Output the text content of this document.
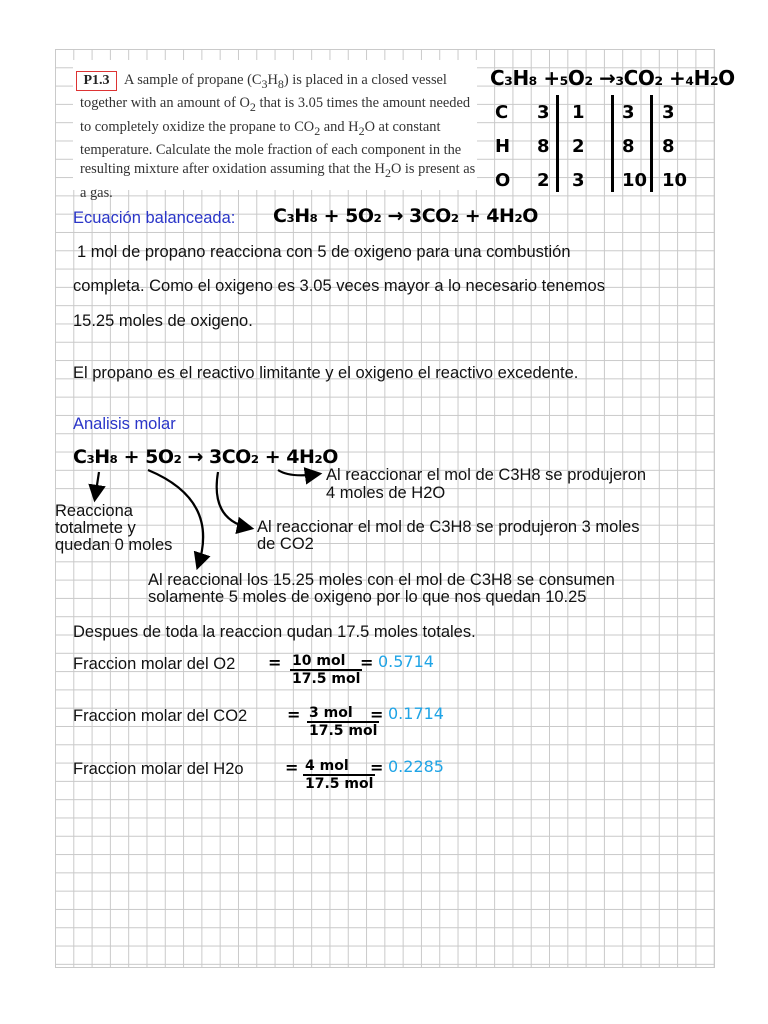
P1.3	A sample of propane $(C_3H_8)$ is placed in a closed vessel together with an amount of $O_2$ that is 3.05 times the amount needed to completely oxidize the propane to $CO_2$ and $H_2O$ at constant temperature. Calculate the mole fraction of each component in the resulting mixture after oxidation assuming that the $H_2O$ is present as a gas.
C₃H₈ +₅O₂ →₃CO₂ +₄H₂O
C 3 1 3 3
H 8 2 8 8
O 2 3 10 10
Ecuación balanceada: C₃H₈ + 5O₂ → 3CO₂ + 4H₂O
1 mol de propano reacciona con 5 de oxigeno para una combustión
completa. Como el oxigeno es 3.05 veces mayor a lo necesario tenemos
15.25 moles de oxigeno.
El propano es el reactivo limitante y el oxigeno el reactivo excedente.
Analisis molar
C₃H₈ + 5O₂ → 3CO₂ + 4H₂O
Al reaccionar el mol de C3H8 se produjeron
4 moles de H2O
Reacciona
totalmete y
quedan 0 moles
Al reaccionar el mol de C3H8 se produjeron 3 moles
de CO2
Al reaccional los 15.25 moles con el mol de C3H8 se consumen
solamente 5 moles de oxigeno por lo que nos quedan 10.25
Despues de toda la reaccion qudan 17.5 moles totales.
Fraccion molar del O2 = 10 mol
17.5 mol
= 0.5714
Fraccion molar del CO2 = 3 mol
17.5 mol
= 0.1714
Fraccion molar del H2o	= 4 mol
17.5 mol
= 0.2285
